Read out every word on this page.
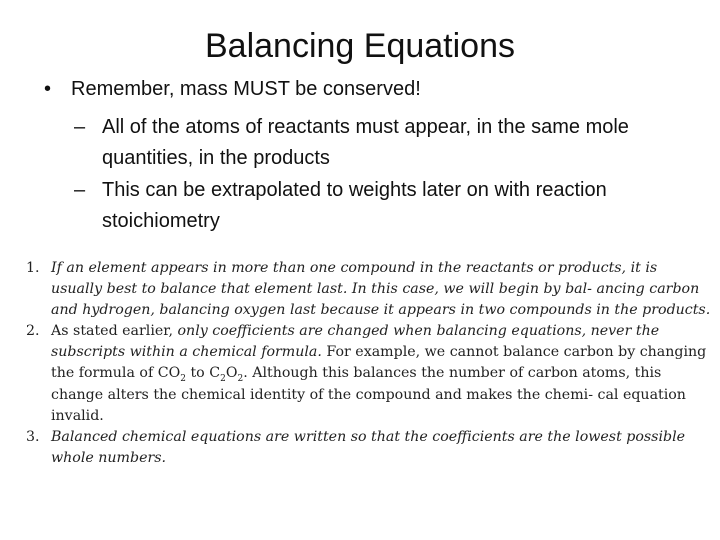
Balancing Equations
• Remember, mass MUST be conserved!
– All of the atoms of reactants must appear, in the same mole quantities, in the products
– This can be extrapolated to weights later on with reaction stoichiometry
1. If an element appears in more than one compound in the reactants or products, it is usually best to balance that element last. In this case, we will begin by bal- ancing carbon and hydrogen, balancing oxygen last because it appears in two compounds in the products.
2. As stated earlier, only coefficients are changed when balancing equations, never the subscripts within a chemical formula. For example, we cannot balance carbon by changing the formula of $CO_2$ to $C_2O_2$. Although this balances the number of carbon atoms, this change alters the chemical identity of the compound and makes the chemi- cal equation invalid.
3. Balanced chemical equations are written so that the coefficients are the lowest possible whole numbers.
